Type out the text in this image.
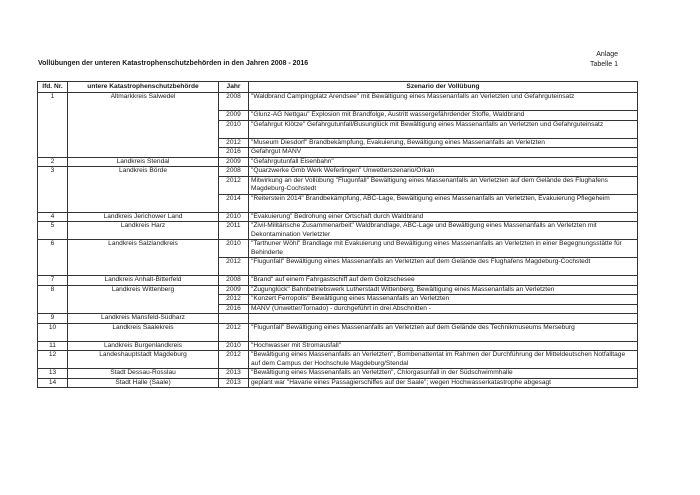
Anlage
Tabelle 1
Vollübungen der unteren Katastrophenschutzbehörden in den Jahren 2008 - 2016
lfd. Nr.	untere Katastrophenschutzbehörde	Jahr	Szenario der Vollübung
1	Altmarkkreis Salwedel	2008	"Waldbrand Campingplatz Arendsee" mit Bewältigung eines Massenanfalls an Verletzten und Gefahrguteinsatz
		2009	"Glunz-AG Nettgau" Explosion mit Brandfolge, Austritt wassergefährdender Stoffe, Waldbrand
		2010	"Gefahrgut Klötze" Gefahrgutunfall/Busunglück mit Bewältigung eines Massenanfalls an Verletzten und Gefahrguteinsatz
		2012	"Museum Diesdorf" Brandbekämpfung, Evakuierung, Bewältigung eines Massenanfalls an Verletzten
		2016	Gefahrgut MANV
2	Landkreis Stendal	2009	"Gefahrgutunfall Eisenbahn"
3	Landkreis Börde	2008	"Quarzwerke Gmb Werk Weferlingen" Unwetterszenario/Orkan
		2012	Mitwirkung an der Vollübung "Flugunfall" Bewältigung eines Massenanfalls an Verletzten auf dem Gelände des Flughafens Magdeburg-Cochstedt
		2014	"Reiterstein 2014" Brandbekämpfung, ABC-Lage, Bewältigung eines Massenanfalls an Verletzten, Evakuierung Pflegeheim
4	Landkreis Jerichower Land	2010	"Evakuierung" Bedrohung einer Ortschaft durch Waldbrand
5	Landkreis Harz	2011	"Zivil-Militärische Zusammenarbeit" Waldbrandlage, ABC-Lage und Bewältigung eines Massenanfalls an Verletzten mit Dekontamination Verletzter
6	Landkreis Salzlandkreis	2010	"Tarthuner Wöhl" Brandlage mit Evakuierung und Bewältigung eines Massenanfalls an Verletzten in einer Begegnungsstätte für Behinderte
		2012	"Flugunfall" Bewältigung eines Massenanfalls an Verletzten auf dem Gelände des Flughafens Magdeburg-Cochstedt
7	Landkreis Anhalt-Bitterfeld	2008	"Brand" auf einem Fahrgastschiff auf dem Goitzschesee
8	Landkreis Wittenberg	2009	"Zugunglück" Bahnbetriebswerk Lutherstadt Wittenberg, Bewältigung eines Massenanfalls an Verletzten
		2012	"Konzert Ferropolis" Bewältigung eines Massenanfalls an Verletzten
		2016	MANV (Unwetter/Tornado) - durchgeführt in drei Abschnitten -
9	Landkreis Mansfeld-Südharz		
10	Landkreis Saalekreis	2012	"Flugunfall" Bewältigung eines Massenanfalls an Verletzten auf dem Gelände des Technikmuseums Merseburg
11	Landkreis Burgenlandkreis	2010	"Hochwasser mit Stromausfall"
12	Landeshauptstadt Magdeburg	2012	"Bewältigung eines Massenanfalls an Verletzten", Bombenattentat im Rahmen der Durchführung der Mitteldeutschen Notfalltage auf dem Campus der Hochschule Magdeburg/Stendal
13	Stadt Dessau-Rosslau	2013	"Bewältigung eines Massenanfalls an Verletzten", Chlorgasunfall in der Südschwimmhalle
14	Stadt Halle (Saale)	2013	geplant war "Havarie eines Passagierschiffes auf der Saale"; wegen Hochwasserkatastrophe abgesagt
